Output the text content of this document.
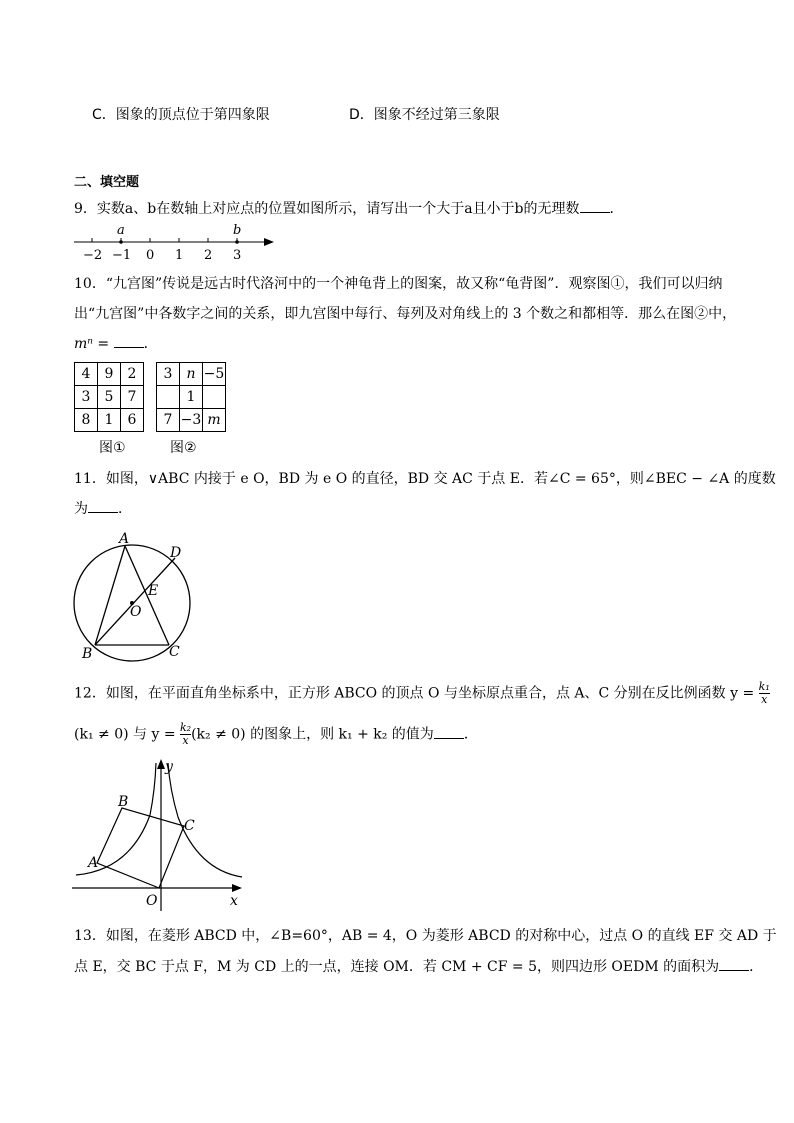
C．图象的顶点位于第四象限	D．图象不经过第三象限
二、填空题
9．实数a、b在数轴上对应点的位置如图所示，请写出一个大于a且小于b的无理数 ．
−2 −1 0 1 2 3
a	b
10．“九宫图”传说是远古时代洛河中的一个神龟背上的图案，故又称“龟背图”．观察图①，我们可以归纳
出“九宫图”中各数字之间的关系，即九宫图中每行、每列及对角线上的 3 个数之和都相等．那么在图②中，
mⁿ = ．
4	9	2
3	5	7
8	1	6
3	n	−5
	1	
7	−3	m
图①	图②
11．如图，∨ABC 内接于 e O，BD 为 e O 的直径，BD 交 AC 于点 E．若∠C = 65°，则∠BEC − ∠A 的度数
为 ．
A
D
E
O
B	C
12．如图，在平面直角坐标系中，正方形 ABCO 的顶点 O 与坐标原点重合，点 A、C 分别在反比例函数 $y = \frac{\text{k₁}}{x}$
(k₁ ≠ 0) 与 $y = \frac{\text{k₂}}{x} (k_2 \ne 0)$ 的图象上，则 k₁ + k₂ 的值为 ．
y
x
O
A
B
C
13．如图，在菱形 ABCD 中，∠B=60°，AB = 4，O 为菱形 ABCD 的对称中心，过点 O 的直线 EF 交 AD 于
点 E，交 BC 于点 F，M 为 CD 上的一点，连接 OM．若 CM + CF = 5，则四边形 OEDM 的面积为 ．
